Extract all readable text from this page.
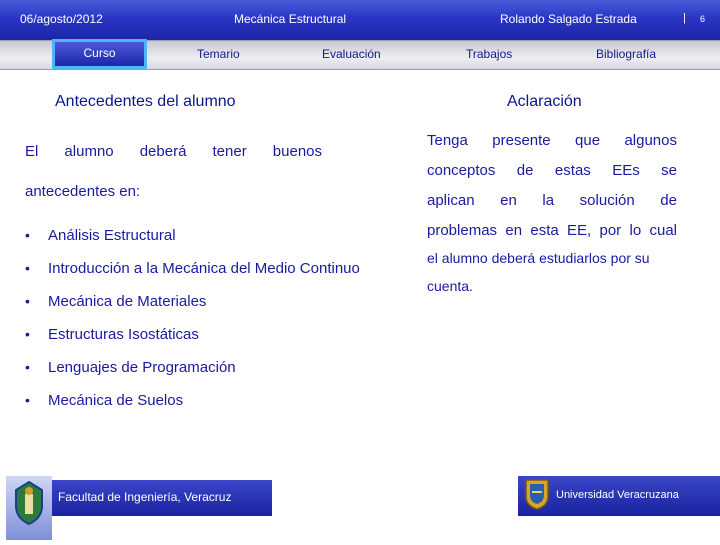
06/agosto/2012	Mecánica Estructural	Rolando Salgado Estrada	| 6
Temario	Evaluación	Trabajos	Bibliografía
Curso
Antecedentes del alumno	Aclaración
El alumno deberá tener buenos antecedentes en:
• Análisis Estructural
• Introducción a la Mecánica del Medio Continuo
• Mecánica de Materiales
• Estructuras Isostáticas
• Lenguajes de Programación
• Mecánica de Suelos
Tenga presente que algunos
conceptos de estas EEs se
aplican en la solución de
problemas en esta EE, por lo cual
el alumno deberá estudiarlos por su cuenta.
Facultad de Ingeniería, Veracruz	Universidad Veracruzana
